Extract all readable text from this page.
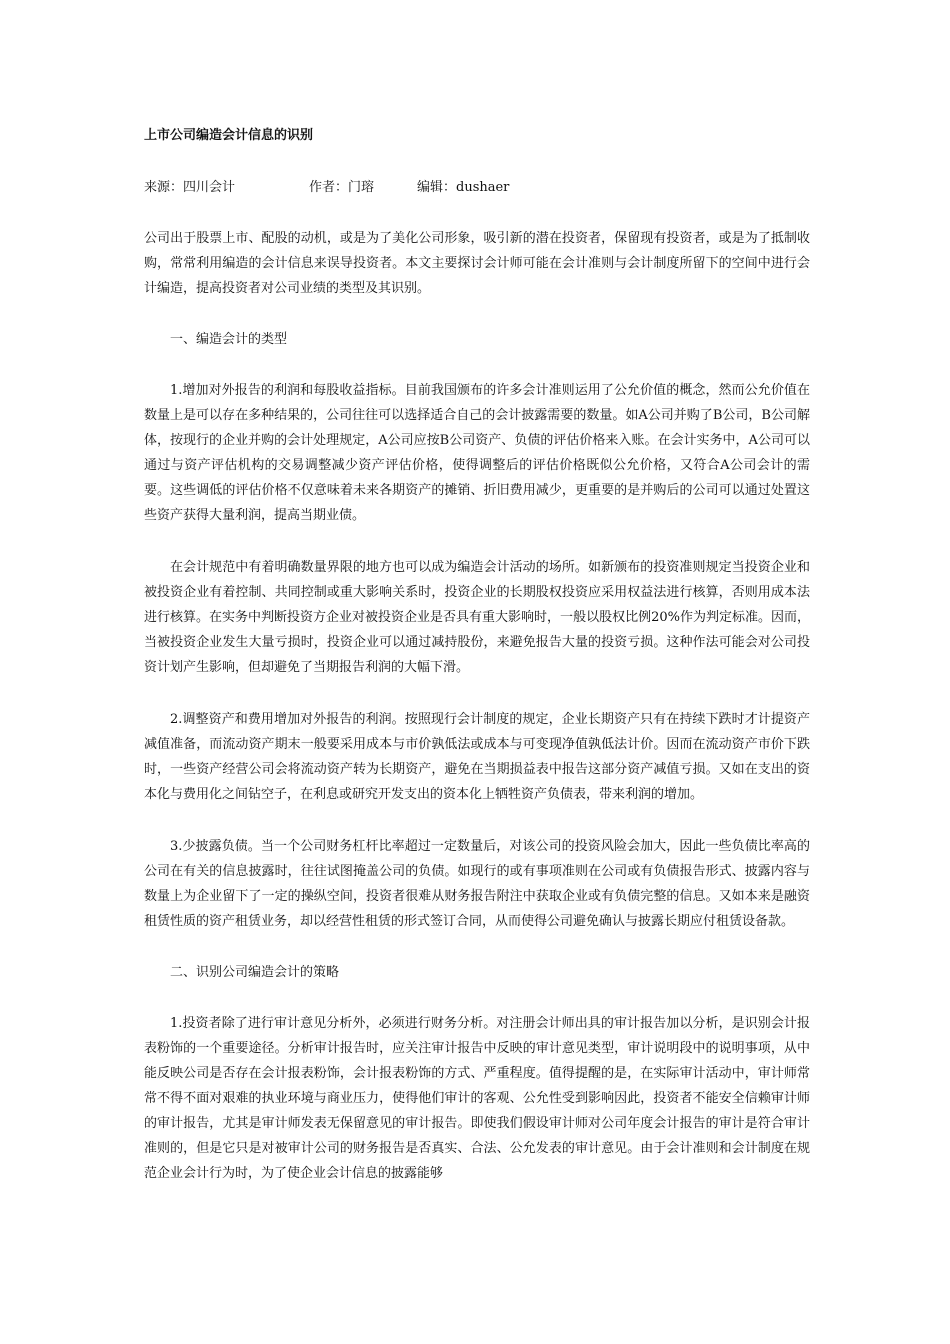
上市公司编造会计信息的识别
来源：四川会计	作者：门瑢	编辑：dushaer

公司出于股票上市、配股的动机，或是为了美化公司形象，吸引新的潜在投资者，保留现有投资者，或是为了抵制收购，常常利用编造的会计信息来误导投资者。本文主要探讨会计师可能在会计准则与会计制度所留下的空间中进行会计编造，提高投资者对公司业绩的类型及其识别。

一、编造会计的类型

1.增加对外报告的利润和每股收益指标。目前我国颁布的许多会计准则运用了公允价值的概念，然而公允价值在数量上是可以存在多种结果的，公司往往可以选择适合自己的会计披露需要的数量。如A公司并购了B公司，B公司解体，按现行的企业并购的会计处理规定，A公司应按B公司资产、负债的评估价格来入账。在会计实务中，A公司可以通过与资产评估机构的交易调整减少资产评估价格，使得调整后的评估价格既似公允价格，又符合A公司会计的需要。这些调低的评估价格不仅意味着未来各期资产的摊销、折旧费用减少，更重要的是并购后的公司可以通过处置这些资产获得大量利润，提高当期业债。

在会计规范中有着明确数量界限的地方也可以成为编造会计活动的场所。如新颁布的投资准则规定当投资企业和被投资企业有着控制、共同控制或重大影响关系时，投资企业的长期股权投资应采用权益法进行核算，否则用成本法进行核算。在实务中判断投资方企业对被投资企业是否具有重大影响时，一般以股权比例20%作为判定标准。因而，当被投资企业发生大量亏损时，投资企业可以通过减持股份，来避免报告大量的投资亏损。这种作法可能会对公司投资计划产生影响，但却避免了当期报告利润的大幅下滑。

2.调整资产和费用增加对外报告的利润。按照现行会计制度的规定，企业长期资产只有在持续下跌时才计提资产减值准备，而流动资产期末一般要采用成本与市价孰低法或成本与可变现净值孰低法计价。因而在流动资产市价下跌时，一些资产经营公司会将流动资产转为长期资产，避免在当期损益表中报告这部分资产减值亏损。又如在支出的资本化与费用化之间钻空子，在利息或研究开发支出的资本化上牺牲资产负债表，带来利润的增加。

3.少披露负债。当一个公司财务杠杆比率超过一定数量后，对该公司的投资风险会加大，因此一些负债比率高的公司在有关的信息披露时，往往试图掩盖公司的负债。如现行的或有事项准则在公司或有负债报告形式、披露内容与数量上为企业留下了一定的操纵空间，投资者很难从财务报告附注中获取企业或有负债完整的信息。又如本来是融资租赁性质的资产租赁业务，却以经营性租赁的形式签订合同，从而使得公司避免确认与披露长期应付租赁设备款。

二、识别公司编造会计的策略

1.投资者除了进行审计意见分析外，必须进行财务分析。对注册会计师出具的审计报告加以分析，是识别会计报表粉饰的一个重要途径。分析审计报告时，应关注审计报告中反映的审计意见类型，审计说明段中的说明事项，从中能反映公司是否存在会计报表粉饰，会计报表粉饰的方式、严重程度。值得提醒的是，在实际审计活动中，审计师常常不得不面对艰难的执业环境与商业压力，使得他们审计的客观、公允性受到影响因此，投资者不能安全信赖审计师的审计报告，尤其是审计师发表无保留意见的审计报告。即使我们假设审计师对公司年度会计报告的审计是符合审计准则的，但是它只是对被审计公司的财务报告是否真实、合法、公允发表的审计意见。由于会计准则和会计制度在规范企业会计行为时，为了使企业会计信息的披露能够
